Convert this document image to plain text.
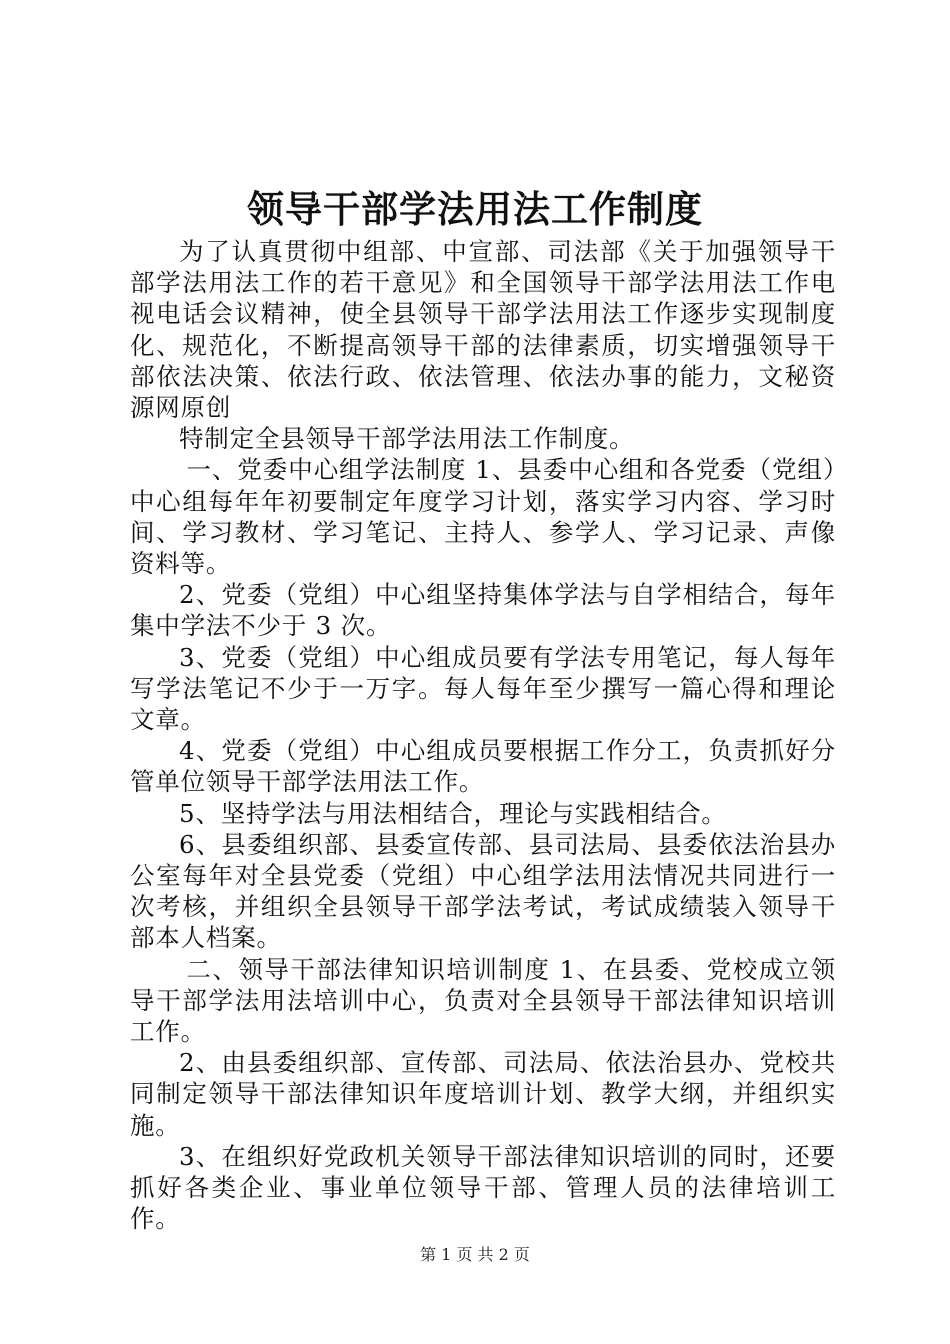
领导干部学法用法工作制度

为了认真贯彻中组部、中宣部、司法部《关于加强领导干部学法用法工作的若干意见》和全国领导干部学法用法工作电视电话会议精神，使全县领导干部学法用法工作逐步实现制度化、规范化，不断提高领导干部的法律素质，切实增强领导干部依法决策、依法行政、依法管理、依法办事的能力，文秘资源网原创

特制定全县领导干部学法用法工作制度。

一、党委中心组学法制度 1、县委中心组和各党委（党组）中心组每年年初要制定年度学习计划，落实学习内容、学习时间、学习教材、学习笔记、主持人、参学人、学习记录、声像资料等。

2、党委（党组）中心组坚持集体学法与自学相结合，每年集中学法不少于 3 次。

3、党委（党组）中心组成员要有学法专用笔记，每人每年写学法笔记不少于一万字。每人每年至少撰写一篇心得和理论文章。

4、党委（党组）中心组成员要根据工作分工，负责抓好分管单位领导干部学法用法工作。

5、坚持学法与用法相结合，理论与实践相结合。

6、县委组织部、县委宣传部、县司法局、县委依法治县办公室每年对全县党委（党组）中心组学法用法情况共同进行一次考核，并组织全县领导干部学法考试，考试成绩装入领导干部本人档案。

二、领导干部法律知识培训制度 1、在县委、党校成立领导干部学法用法培训中心，负责对全县领导干部法律知识培训工作。

2、由县委组织部、宣传部、司法局、依法治县办、党校共同制定领导干部法律知识年度培训计划、教学大纲，并组织实施。

3、在组织好党政机关领导干部法律知识培训的同时，还要抓好各类企业、事业单位领导干部、管理人员的法律培训工作。

第 1 页 共 2 页
